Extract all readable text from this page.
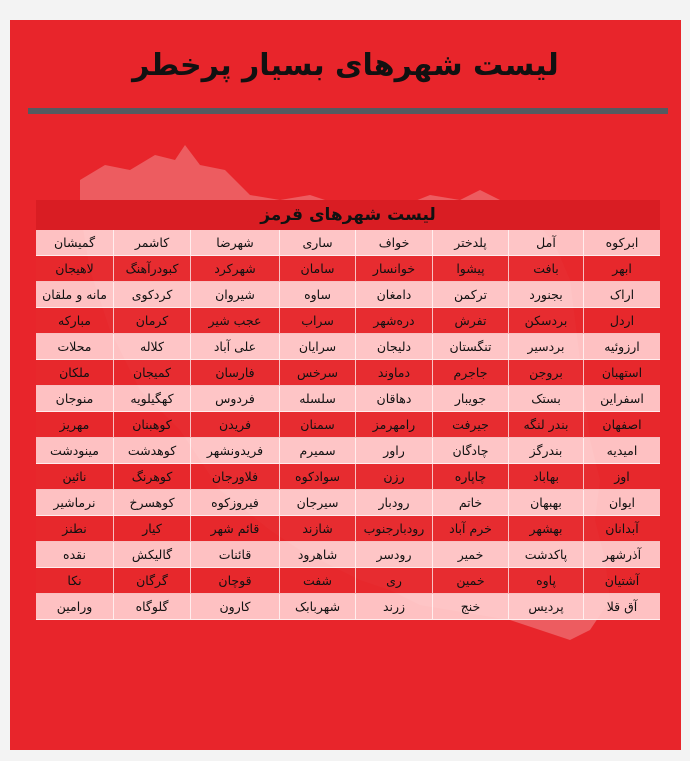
لیست شهرهای بسیار پرخطر
لیست شهرهای قرمز
ابرکوه	آمل	پلدختر	خواف	ساری	شهرضا	کاشمر	گمیشان
ابهر	بافت	پیشوا	خوانسار	سامان	شهرکرد	کبودرآهنگ	لاهیجان
اراک	بجنورد	ترکمن	دامغان	ساوه	شیروان	کردکوی	مانه و ملقان
اردل	بردسکن	تفرش	دره‌شهر	سراب	عجب شیر	کرمان	مبارکه
ارزوئیه	بردسیر	تنگستان	دلیجان	سرایان	علی آباد	کلاله	محلات
استهبان	بروجن	جاجرم	دماوند	سرخس	فارسان	کمیجان	ملکان
اسفراین	بستک	جویبار	دهاقان	سلسله	فردوس	کهگیلویه	منوجان
اصفهان	بندر لنگه	جیرفت	رامهرمز	سمنان	فریدن	کوهبنان	مهریز
امیدیه	بندرگز	چادگان	راور	سمیرم	فریدونشهر	کوهدشت	مینودشت
اوز	بهاباد	چاپاره	رزن	سوادکوه	فلاورجان	کوهرنگ	نائین
ایوان	بهبهان	خاتم	رودبار	سیرجان	فیروزکوه	کوهسرخ	نرماشیر
آبدانان	بهشهر	خرم آباد	رودبارجنوب	شازند	قائم شهر	کیار	نطنز
آذرشهر	پاکدشت	خمیر	رودسر	شاهرود	قائنات	گالیکش	نقده
آشتیان	پاوه	خمین	ری	شفت	قوچان	گرگان	نکا
آق قلا	پردیس	خنج	زرند	شهربابک	کارون	گلوگاه	ورامین
